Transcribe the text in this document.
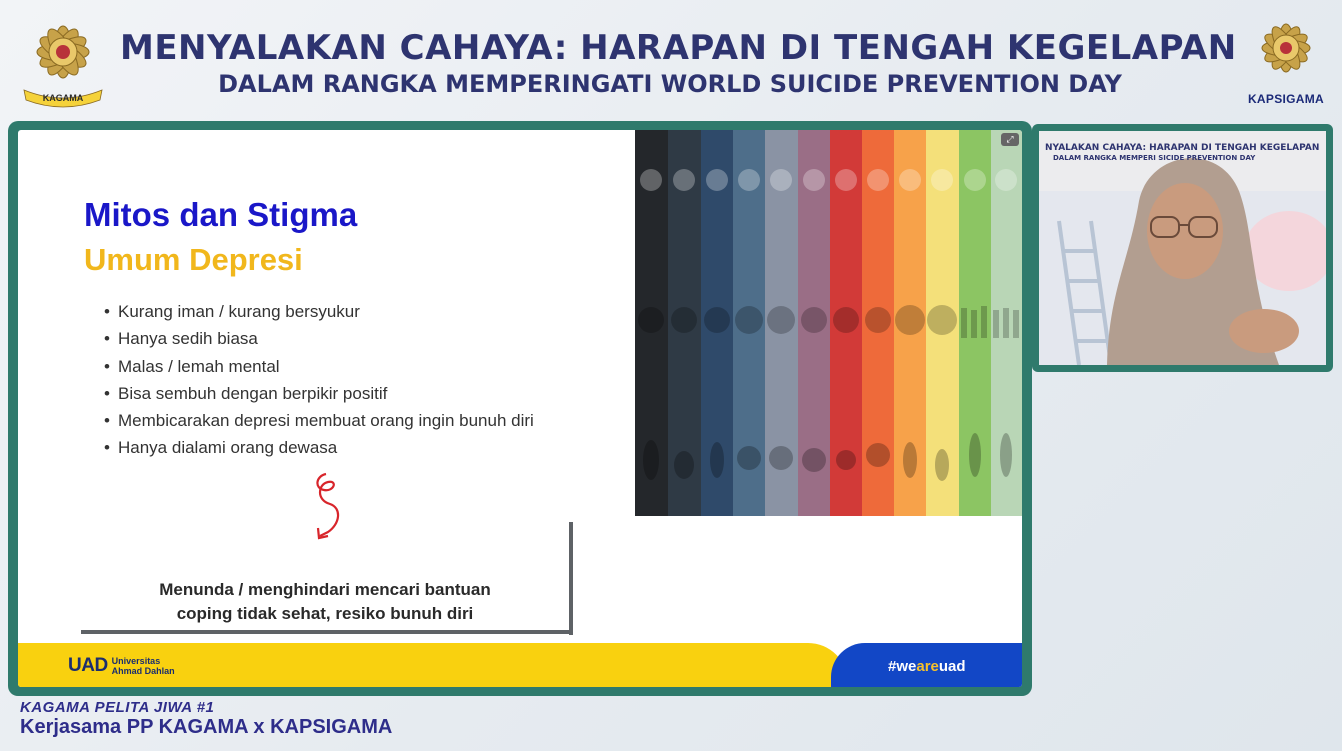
KAGAMA	KAPSIGAMA
MENYALAKAN CAHAYA: HARAPAN DI TENGAH KEGELAPAN
DALAM RANGKA MEMPERINGATI WORLD SUICIDE PREVENTION DAY
Mitos dan Stigma
Umum Depresi
• Kurang iman / kurang bersyukur
• Hanya sedih biasa
• Malas / lemah mental
• Bisa sembuh dengan berpikir positif
• Membicarakan depresi membuat orang ingin bunuh diri
• Hanya dialami orang dewasa
Menunda / menghindari mencari bantuan
coping tidak sehat, resiko bunuh diri
⤢
UAD Universitas
Ahmad Dahlan	#weareuad
NYALAKAN CAHAYA: HARAPAN DI TENGAH KEGELAPAN
DALAM RANGKA MEMPERI SICIDE PREVENTION DAY
KAGAMA PELITA JIWA #1
Kerjasama PP KAGAMA x KAPSIGAMA
